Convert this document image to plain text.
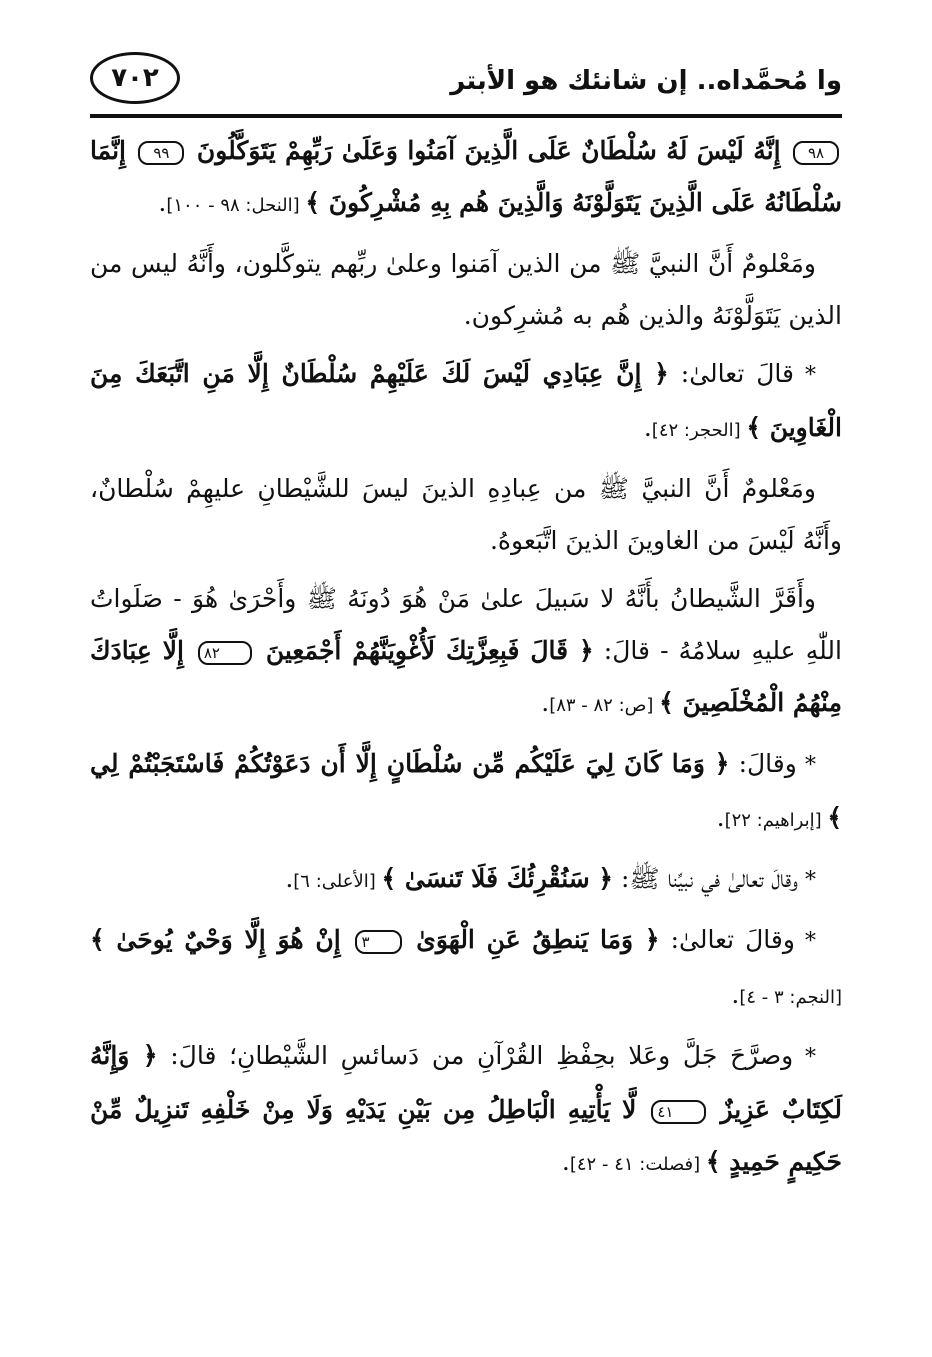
٧٠٢	وا مُحمَّداه.. إن شانئك هو الأبتر

٩٨ إِنَّهُ لَيْسَ لَهُ سُلْطَانٌ عَلَى الَّذِينَ آمَنُوا وَعَلَىٰ رَبِّهِمْ يَتَوَكَّلُونَ ٩٩ إِنَّمَا سُلْطَانُهُ عَلَى الَّذِينَ يَتَوَلَّوْنَهُ وَالَّذِينَ هُم بِهِ مُشْرِكُونَ ﴾ [النحل: ٩٨ - ١٠٠].

ومَعْلومٌ أَنَّ النبيَّ ﷺ من الذين آمَنوا وعلىٰ ربِّهم يتوكَّلون، وأَنَّهُ ليس من الذين يَتَوَلَّوْنَهُ والذين هُم به مُشرِكون.

* قالَ تعالىٰ: ﴿ إِنَّ عِبَادِي لَيْسَ لَكَ عَلَيْهِمْ سُلْطَانٌ إِلَّا مَنِ اتَّبَعَكَ مِنَ الْغَاوِينَ ﴾ [الحجر: ٤٢].

ومَعْلومٌ أَنَّ النبيَّ ﷺ من عِبادِهِ الذينَ ليسَ للشَّيْطانِ عليهِمْ سُلْطانٌ، وأَنَّهُ لَيْسَ من الغاوينَ الذينَ اتَّبَعوهُ.

وأَقَرَّ الشَّيطانُ بأَنَّهُ لا سَبيلَ علىٰ مَنْ هُوَ دُونَهُ ﷺ وأَحْرَىٰ هُوَ - صَلَواتُ اللّٰهِ عليهِ سلامُهُ - قالَ: ﴿ قَالَ فَبِعِزَّتِكَ لَأُغْوِيَنَّهُمْ أَجْمَعِينَ ٨٢ إِلَّا عِبَادَكَ مِنْهُمُ الْمُخْلَصِينَ ﴾ [ص: ٨٢ - ٨٣].

* وقالَ: ﴿ وَمَا كَانَ لِيَ عَلَيْكُم مِّن سُلْطَانٍ إِلَّا أَن دَعَوْتُكُمْ فَاسْتَجَبْتُمْ لِي ﴾ [إبراهيم: ٢٢].

* وقالَ تعالىٰ في نبيِّنا ﷺ: ﴿ سَنُقْرِئُكَ فَلَا تَنسَىٰ ﴾ [الأعلى: ٦].

* وقالَ تعالىٰ: ﴿ وَمَا يَنطِقُ عَنِ الْهَوَىٰ ٣ إِنْ هُوَ إِلَّا وَحْيٌ يُوحَىٰ ﴾ [النجم: ٣ - ٤].

* وصرَّحَ جَلَّ وعَلا بحِفْظِ القُرْآنِ من دَسائسِ الشَّيْطانِ؛ قالَ: ﴿ وَإِنَّهُ لَكِتَابٌ عَزِيزٌ ٤١ لَّا يَأْتِيهِ الْبَاطِلُ مِن بَيْنِ يَدَيْهِ وَلَا مِنْ خَلْفِهِ تَنزِيلٌ مِّنْ حَكِيمٍ حَمِيدٍ ﴾ [فصلت: ٤١ - ٤٢].
